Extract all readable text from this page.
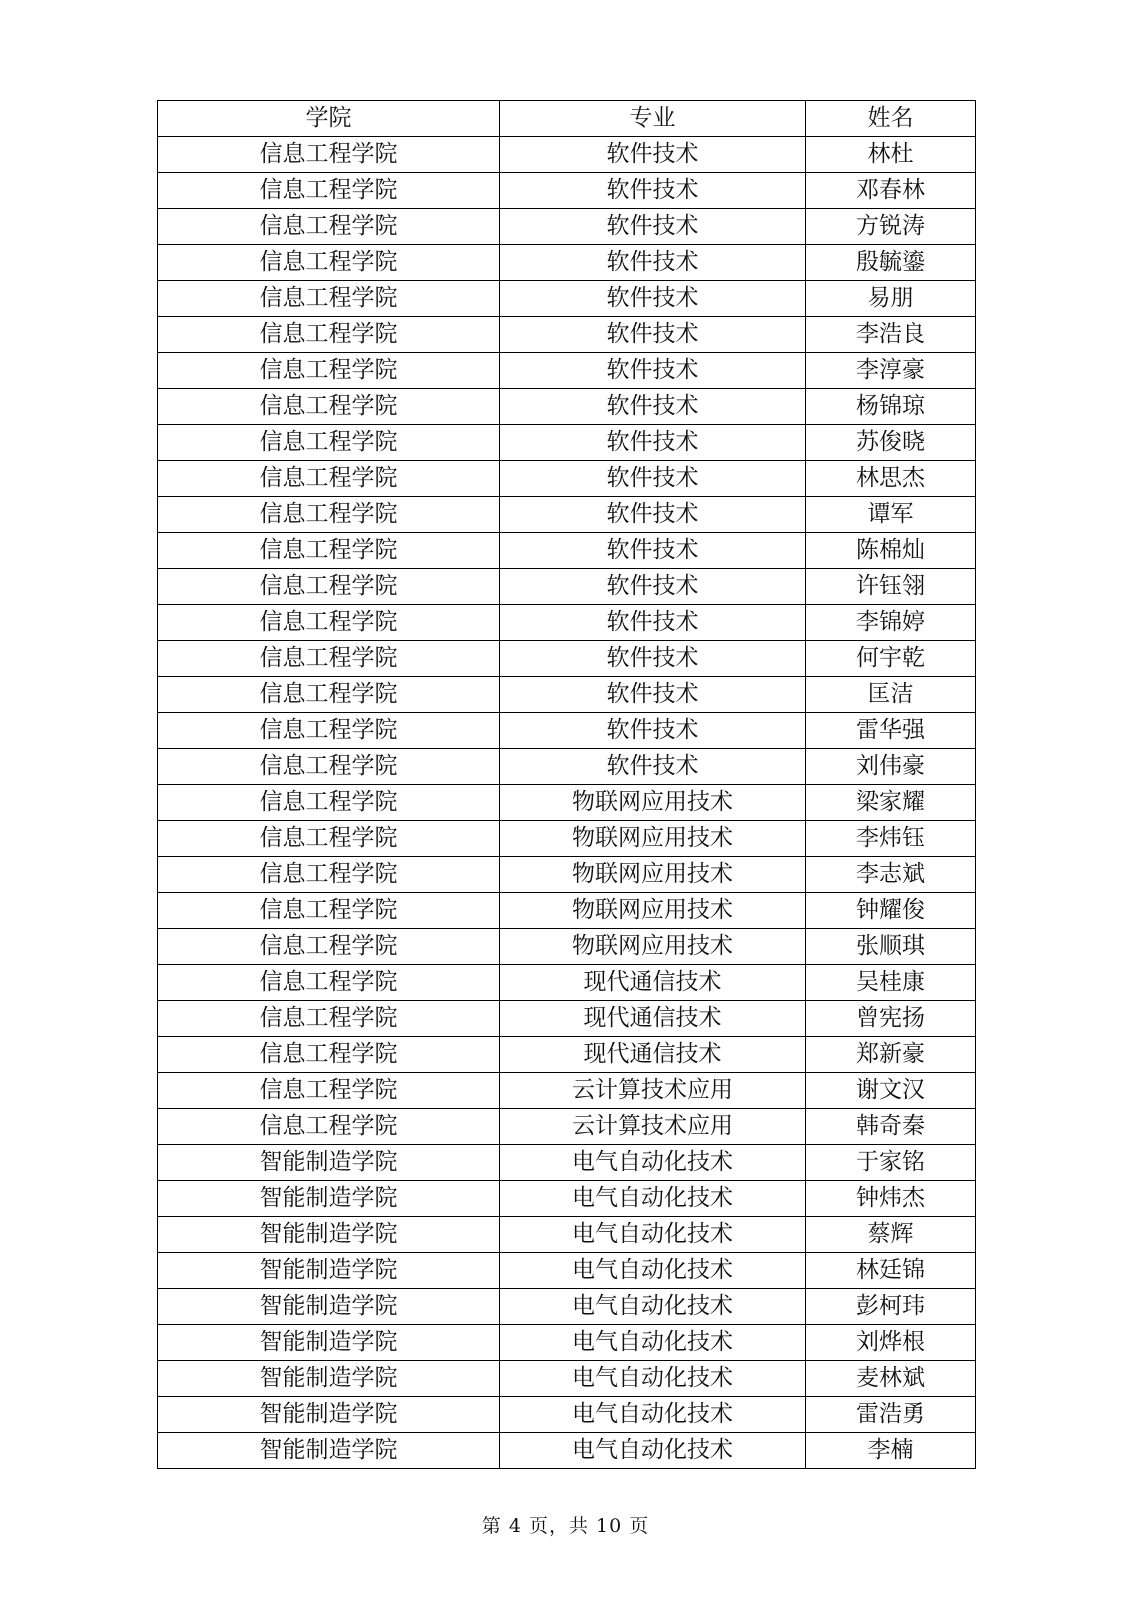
学院	专业	姓名
信息工程学院	软件技术	林杜
信息工程学院	软件技术	邓春林
信息工程学院	软件技术	方锐涛
信息工程学院	软件技术	殷毓鎏
信息工程学院	软件技术	易朋
信息工程学院	软件技术	李浩良
信息工程学院	软件技术	李淳豪
信息工程学院	软件技术	杨锦琼
信息工程学院	软件技术	苏俊晓
信息工程学院	软件技术	林思杰
信息工程学院	软件技术	谭军
信息工程学院	软件技术	陈棉灿
信息工程学院	软件技术	许钰翎
信息工程学院	软件技术	李锦婷
信息工程学院	软件技术	何宇乾
信息工程学院	软件技术	匡洁
信息工程学院	软件技术	雷华强
信息工程学院	软件技术	刘伟豪
信息工程学院	物联网应用技术	梁家耀
信息工程学院	物联网应用技术	李炜钰
信息工程学院	物联网应用技术	李志斌
信息工程学院	物联网应用技术	钟耀俊
信息工程学院	物联网应用技术	张顺琪
信息工程学院	现代通信技术	吴桂康
信息工程学院	现代通信技术	曾宪扬
信息工程学院	现代通信技术	郑新豪
信息工程学院	云计算技术应用	谢文汉
信息工程学院	云计算技术应用	韩奇秦
智能制造学院	电气自动化技术	于家铭
智能制造学院	电气自动化技术	钟炜杰
智能制造学院	电气自动化技术	蔡辉
智能制造学院	电气自动化技术	林廷锦
智能制造学院	电气自动化技术	彭柯玮
智能制造学院	电气自动化技术	刘烨根
智能制造学院	电气自动化技术	麦林斌
智能制造学院	电气自动化技术	雷浩勇
智能制造学院	电气自动化技术	李楠
第 4 页，共 10 页
